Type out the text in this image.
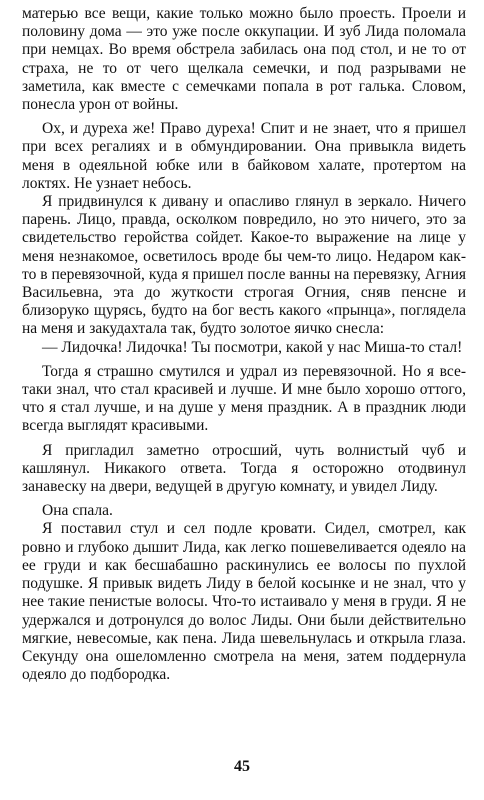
матерью все вещи, какие только можно было проесть. Проели и половину дома — это уже после оккупации. И зуб Лида поломала при немцах. Во время обстрела забилась она под стол, и не то от страха, не то от чего щелкала семечки, и под разрывами не заметила, как вместе с семечками попала в рот галька. Словом, понесла урон от войны.

Ох, и дуреха же! Право дуреха! Спит и не знает, что я пришел при всех регалиях и в обмундировании. Она привыкла видеть меня в одеяльной юбке или в байковом халате, протертом на локтях. Не узнает небось.

Я придвинулся к дивану и опасливо глянул в зеркало. Ничего парень. Лицо, правда, осколком повредило, но это ничего, это за свидетельство геройства сойдет. Какое-то выражение на лице у меня незнакомое, осветилось вроде бы чем-то лицо. Недаром как-то в перевязочной, куда я пришел после ванны на перевязку, Агния Васильевна, эта до жуткости строгая Огния, сняв пенсне и близоруко щурясь, будто на бог весть какого «прынца», поглядела на меня и закудахтала так, будто золотое яичко снесла:

— Лидочка! Лидочка! Ты посмотри, какой у нас Миша-то стал!

Тогда я страшно смутился и удрал из перевязочной. Но я все-таки знал, что стал красивей и лучше. И мне было хорошо оттого, что я стал лучше, и на душе у меня праздник. А в праздник люди всегда выглядят красивыми.

Я пригладил заметно отросший, чуть волнистый чуб и кашлянул. Никакого ответа. Тогда я осторожно отодвинул занавеску на двери, ведущей в другую комнату, и увидел Лиду.

Она спала.

Я поставил стул и сел подле кровати. Сидел, смотрел, как ровно и глубоко дышит Лида, как легко пошевеливается одеяло на ее груди и как бесшабашно раскинулись ее волосы по пухлой подушке. Я привык видеть Лиду в белой косынке и не знал, что у нее такие пенистые волосы. Что-то истаивало у меня в груди. Я не удержался и дотронулся до волос Лиды. Они были действительно мягкие, невесомые, как пена. Лида шевельнулась и открыла глаза. Секунду она ошеломленно смотрела на меня, затем поддернула одеяло до подбородка.

45
